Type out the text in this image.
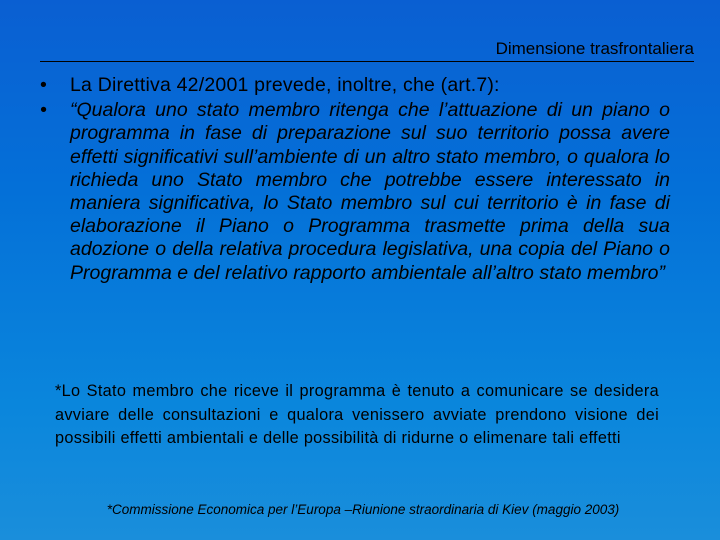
Dimensione trasfrontaliera
• La Direttiva 42/2001 prevede, inoltre, che (art.7):
• “Qualora uno stato membro ritenga che l’attuazione di un piano o programma in fase di preparazione sul suo territorio possa avere effetti significativi sull’ambiente di un altro stato membro, o qualora lo richieda uno Stato membro che potrebbe essere interessato in maniera significativa, lo Stato membro sul cui territorio è in fase di elaborazione il Piano o Programma trasmette prima della sua adozione o della relativa procedura legislativa, una copia del Piano o Programma e del relativo rapporto ambientale all’altro stato membro”
*Lo Stato membro che riceve il programma è tenuto a comunicare se desidera avviare delle consultazioni e qualora venissero avviate prendono visione dei possibili effetti ambientali e delle possibilità di ridurne o elimenare tali effetti
*Commissione Economica per l’Europa –Riunione straordinaria di Kiev (maggio 2003)
